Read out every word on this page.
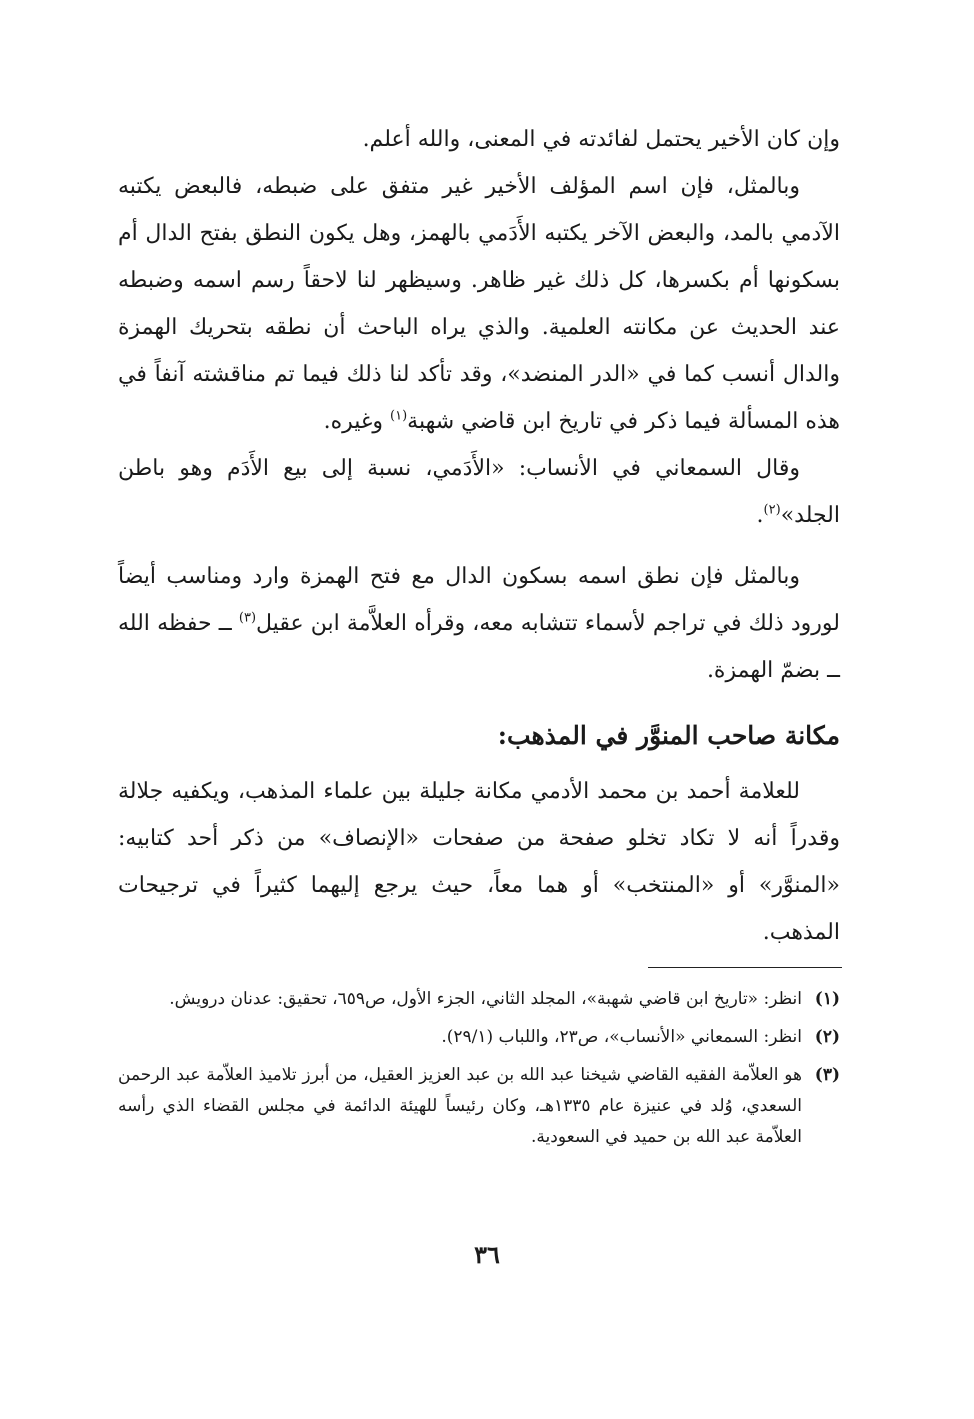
وإن كان الأخير يحتمل لفائدته في المعنى، والله أعلم.

وبالمثل، فإن اسم المؤلف الأخير غير متفق على ضبطه، فالبعض يكتبه الآدمي بالمد، والبعض الآخر يكتبه الأَدَمي بالهمز، وهل يكون النطق بفتح الدال أم بسكونها أم بكسرها، كل ذلك غير ظاهر. وسيظهر لنا لاحقاً رسم اسمه وضبطه عند الحديث عن مكانته العلمية. والذي يراه الباحث أن نطقه بتحريك الهمزة والدال أنسب كما في «الدر المنضد»، وقد تأكد لنا ذلك فيما تم مناقشته آنفاً في هذه المسألة فيما ذكر في تاريخ ابن قاضي شهبة$^{(١)}$ وغيره.

وقال السمعاني في الأنساب: «الأَدَمي، نسبة إلى بيع الأَدَم وهو باطن الجلد»$^{(٢)}$.

وبالمثل فإن نطق اسمه بسكون الدال مع فتح الهمزة وارد ومناسب أيضاً لورود ذلك في تراجم لأسماء تتشابه معه، وقرأه العلاَّمة ابن عقيل$^{(٣)}$ ــ حفظه الله ــ بضمّ الهمزة.

مكانة صاحب المنوَّر في المذهب:

للعلامة أحمد بن محمد الأدمي مكانة جليلة بين علماء المذهب، ويكفيه جلالة وقدراً أنه لا تكاد تخلو صفحة من صفحات «الإنصاف» من ذكر أحد كتابيه: «المنوَّر» أو «المنتخب» أو هما معاً، حيث يرجع إليهما كثيراً في ترجيحات المذهب.

(١)
انظر: «تاريخ ابن قاضي شهبة»، المجلد الثاني، الجزء الأول، ص٦٥٩، تحقيق: عدنان درويش.
(٢)
انظر: السمعاني «الأنساب»، ص٢٣، واللباب (٢٩/١).
(٣)
هو العلاّمة الفقيه القاضي شيخنا عبد الله بن عبد العزيز العقيل، من أبرز تلاميذ العلاّمة عبد الرحمن السعدي، وُلد في عنيزة عام ١٣٣٥هـ، وكان رئيساً للهيئة الدائمة في مجلس القضاء الذي رأسه العلاّمة عبد الله بن حميد في السعودية.
٣٦
